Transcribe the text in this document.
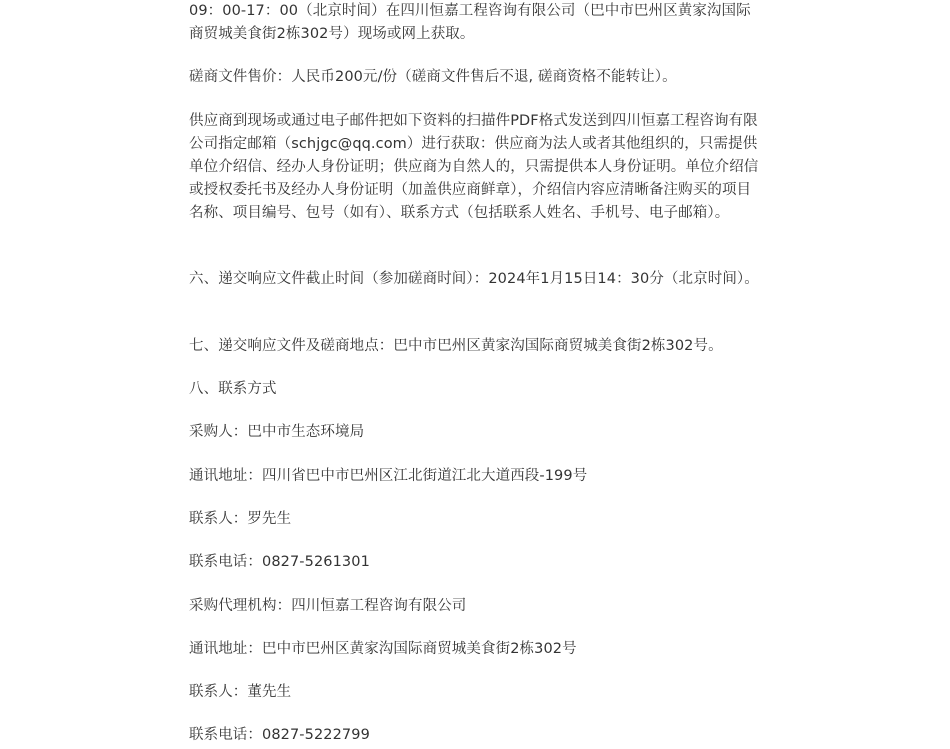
09：00-17：00（北京时间）在四川恒嘉工程咨询有限公司（巴中市巴州区黄家沟国际商贸城美食街2栋302号）现场或网上获取。

磋商文件售价：人民币200元/份（磋商文件售后不退, 磋商资格不能转让）。

供应商到现场或通过电子邮件把如下资料的扫描件PDF格式发送到四川恒嘉工程咨询有限公司指定邮箱（schjgc@qq.com）进行获取：供应商为法人或者其他组织的，只需提供单位介绍信、经办人身份证明；供应商为自然人的，只需提供本人身份证明。单位介绍信或授权委托书及经办人身份证明（加盖供应商鲜章），介绍信内容应清晰备注购买的项目名称、项目编号、包号（如有）、联系方式（包括联系人姓名、手机号、电子邮箱）。

六、递交响应文件截止时间（参加磋商时间）：2024年1月15日14：30分（北京时间）。

七、递交响应文件及磋商地点：巴中市巴州区黄家沟国际商贸城美食街2栋302号。

八、联系方式

采购人：巴中市生态环境局

通讯地址：四川省巴中市巴州区江北街道江北大道西段-199号

联系人：罗先生

联系电话：0827-5261301

采购代理机构：四川恒嘉工程咨询有限公司

通讯地址：巴中市巴州区黄家沟国际商贸城美食街2栋302号

联系人：董先生

联系电话：0827-5222799
